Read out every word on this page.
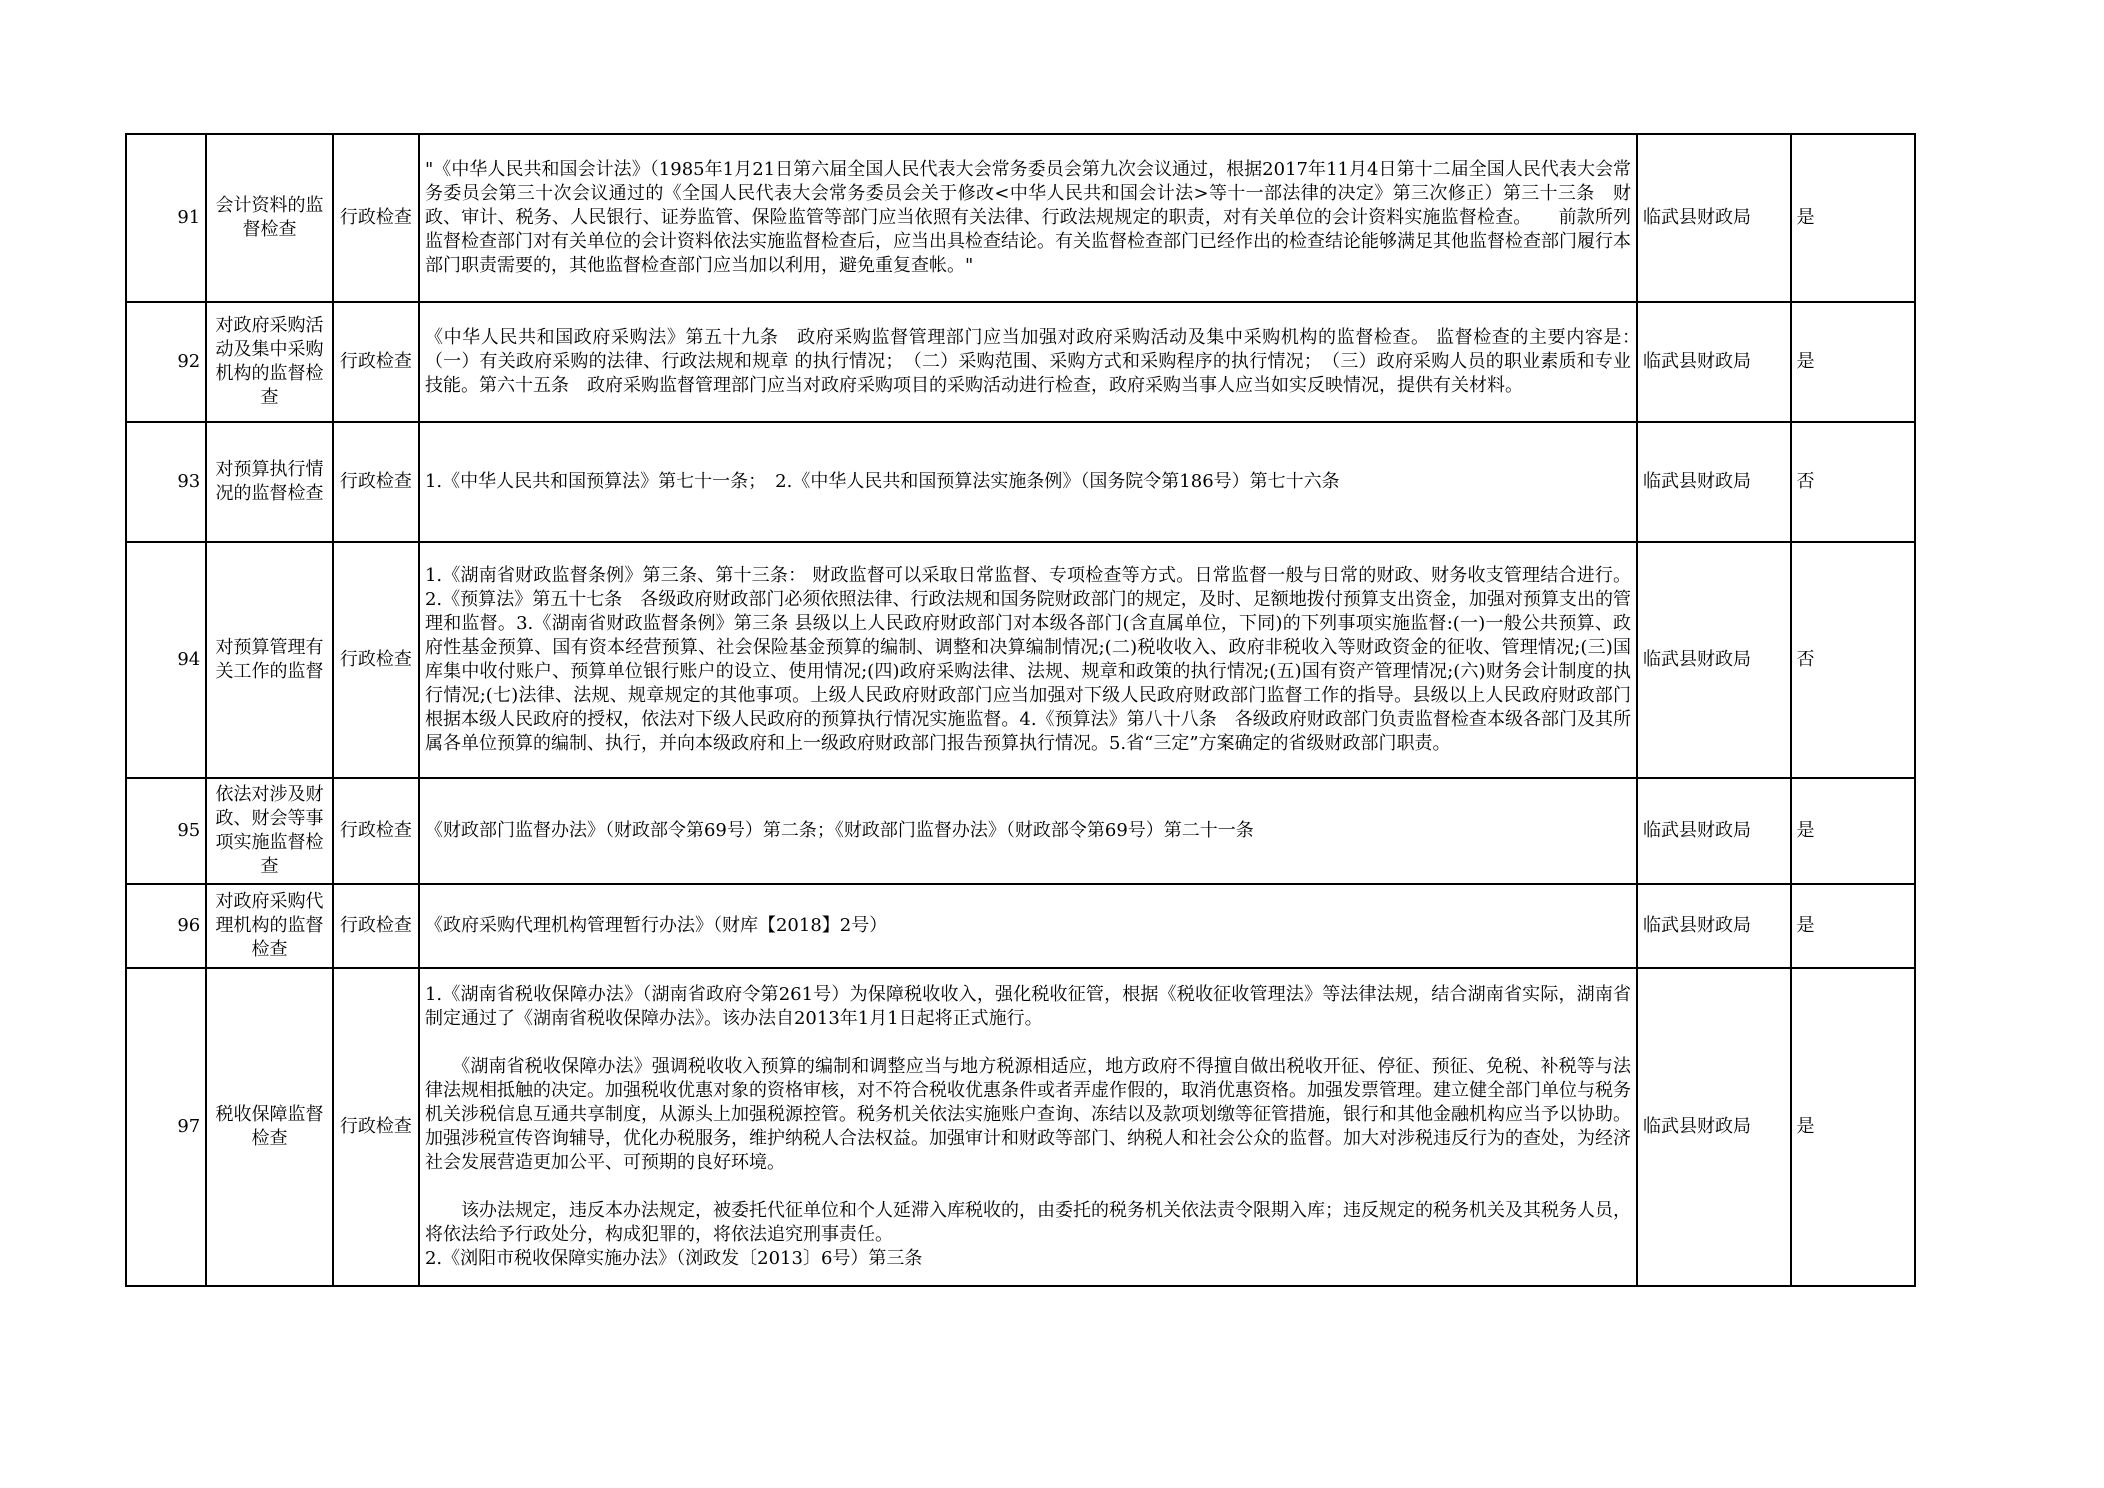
91	会计资料的监督检查	行政检查	"《中华人民共和国会计法》（1985年1月21日第六届全国人民代表大会常务委员会第九次会议通过，根据2017年11月4日第十二届全国人民代表大会常务委员会第三十次会议通过的《全国人民代表大会常务委员会关于修改<中华人民共和国会计法>等十一部法律的决定》第三次修正）第三十三条　财政、审计、税务、人民银行、证券监管、保险监管等部门应当依照有关法律、行政法规规定的职责，对有关单位的会计资料实施监督检查。　　前款所列监督检查部门对有关单位的会计资料依法实施监督检查后，应当出具检查结论。有关监督检查部门已经作出的检查结论能够满足其他监督检查部门履行本部门职责需要的，其他监督检查部门应当加以利用，避免重复查帐。"	临武县财政局	是
92	对政府采购活动及集中采购机构的监督检查	行政检查	《中华人民共和国政府采购法》第五十九条　政府采购监督管理部门应当加强对政府采购活动及集中采购机构的监督检查。 监督检查的主要内容是：　（一）有关政府采购的法律、行政法规和规章 的执行情况；　（二）采购范围、采购方式和采购程序的执行情况；　（三）政府采购人员的职业素质和专业技能。第六十五条　政府采购监督管理部门应当对政府采购项目的采购活动进行检查，政府采购当事人应当如实反映情况，提供有关材料。	临武县财政局	是
93	对预算执行情况的监督检查	行政检查	1.《中华人民共和国预算法》第七十一条；　2.《中华人民共和国预算法实施条例》（国务院令第186号）第七十六条	临武县财政局	否
94	对预算管理有关工作的监督	行政检查	1.《湖南省财政监督条例》第三条、第十三条： 财政监督可以采取日常监督、专项检查等方式。日常监督一般与日常的财政、财务收支管理结合进行。2.《预算法》第五十七条　各级政府财政部门必须依照法律、行政法规和国务院财政部门的规定，及时、足额地拨付预算支出资金，加强对预算支出的管理和监督。3.《湖南省财政监督条例》第三条 县级以上人民政府财政部门对本级各部门(含直属单位，下同)的下列事项实施监督:(一)一般公共预算、政府性基金预算、国有资本经营预算、社会保险基金预算的编制、调整和决算编制情况;(二)税收收入、政府非税收入等财政资金的征收、管理情况;(三)国库集中收付账户、预算单位银行账户的设立、使用情况;(四)政府采购法律、法规、规章和政策的执行情况;(五)国有资产管理情况;(六)财务会计制度的执行情况;(七)法律、法规、规章规定的其他事项。上级人民政府财政部门应当加强对下级人民政府财政部门监督工作的指导。县级以上人民政府财政部门根据本级人民政府的授权，依法对下级人民政府的预算执行情况实施监督。4.《预算法》第八十八条　各级政府财政部门负责监督检查本级各部门及其所属各单位预算的编制、执行，并向本级政府和上一级政府财政部门报告预算执行情况。5.省“三定”方案确定的省级财政部门职责。	临武县财政局	否
95	依法对涉及财政、财会等事项实施监督检查	行政检查	《财政部门监督办法》（财政部令第69号）第二条；《财政部门监督办法》（财政部令第69号）第二十一条	临武县财政局	是
96	对政府采购代理机构的监督检查	行政检查	《政府采购代理机构管理暂行办法》（财库【2018】2号）	临武县财政局	是
97	税收保障监督检查	行政检查	1.《湖南省税收保障办法》（湖南省政府令第261号）为保障税收收入，强化税收征管，根据《税收征收管理法》等法律法规，结合湖南省实际，湖南省制定通过了《湖南省税收保障办法》。该办法自2013年1月1日起将正式施行。
　　《湖南省税收保障办法》强调税收收入预算的编制和调整应当与地方税源相适应，地方政府不得擅自做出税收开征、停征、预征、免税、补税等与法律法规相抵触的决定。加强税收优惠对象的资格审核，对不符合税收优惠条件或者弄虚作假的，取消优惠资格。加强发票管理。建立健全部门单位与税务机关涉税信息互通共享制度，从源头上加强税源控管。税务机关依法实施账户查询、冻结以及款项划缴等征管措施，银行和其他金融机构应当予以协助。加强涉税宣传咨询辅导，优化办税服务，维护纳税人合法权益。加强审计和财政等部门、纳税人和社会公众的监督。加大对涉税违反行为的查处，为经济社会发展营造更加公平、可预期的良好环境。
　　该办法规定，违反本办法规定，被委托代征单位和个人延滞入库税收的，由委托的税务机关依法责令限期入库；违反规定的税务机关及其税务人员，将依法给予行政处分，构成犯罪的，将依法追究刑事责任。
2.《浏阳市税收保障实施办法》（浏政发〔2013〕6号）第三条	临武县财政局	是
